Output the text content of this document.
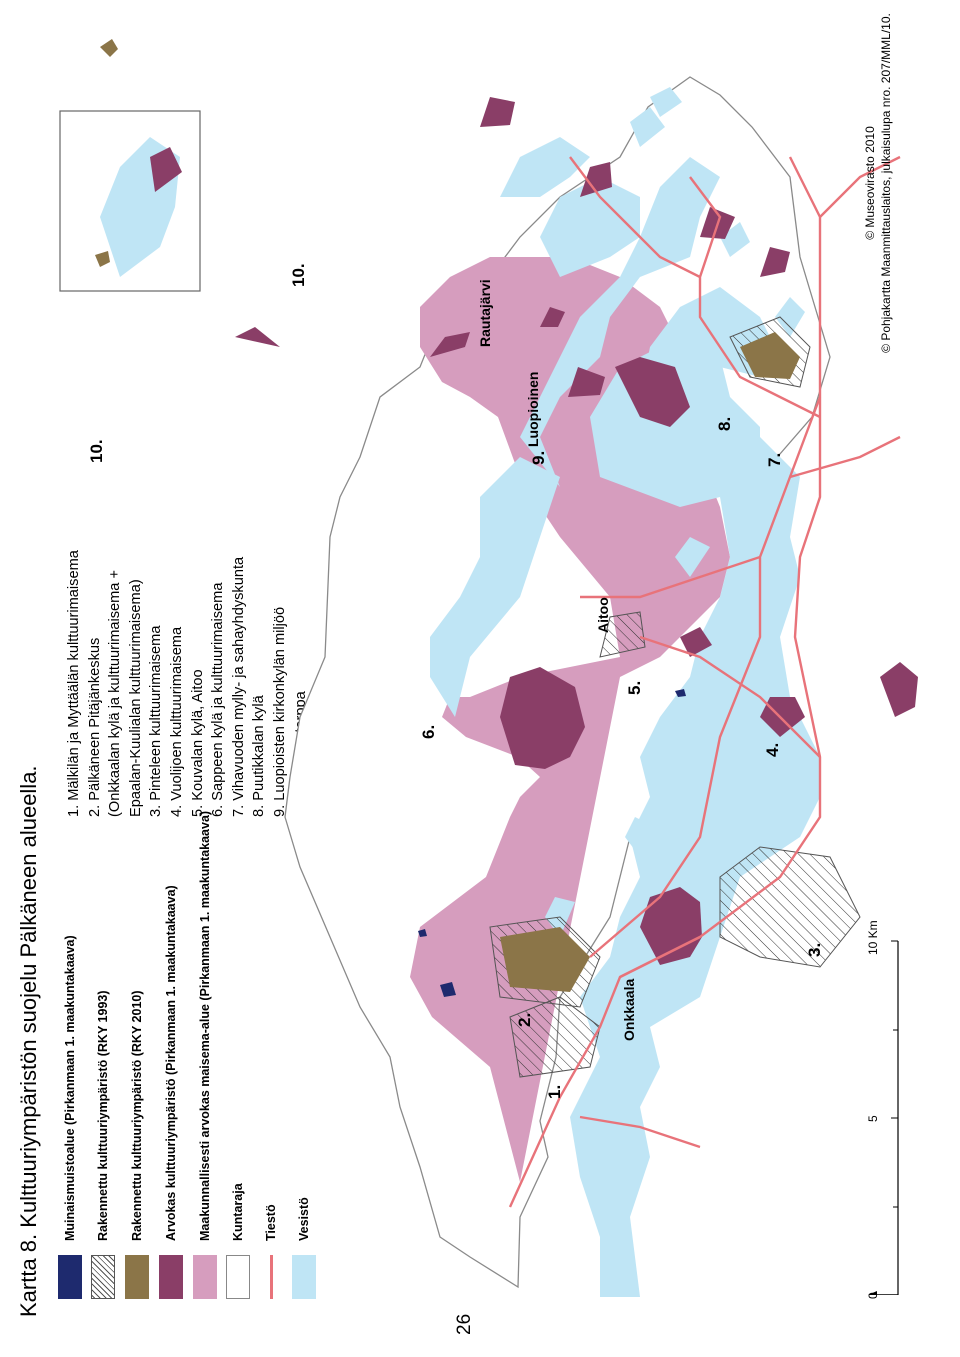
Kartta 8. Kulttuuriympäristön suojelu Pälkäneen alueella.
26
Muinaismuistoalue (Pirkanmaan 1. maakuntakaava) Rakennettu kulttuuriympäristö (RKY 1993) Rakennettu kulttuuriympäristö (RKY 2010) Arvokas kulttuuriympäristö (Pirkanmaan 1. maakuntakaava) Maakunnallisesti arvokas maisema-alue (Pirkanmaan 1. maakuntakaava) Kuntaraja Tiestö Vesistö
1. Mälkilän ja Myttäälän kulttuurimaisema 2. Pälkäneen Pitäjänkeskus (Onkkaalan kylä ja kulttuurimaisema + Epaalan-Kuulialan kulttuurimaisema) 3. Pinteleen kulttuurimaisema 4. Vuolijoen kulttuurimaisema 5. Kouvalan kylä, Aitoo 6. Sappeen kylä ja kulttuurimaisema 7. Vihavuoden mylly- ja sahayhdyskunta 8. Puutikkalan kylä 9. Luopioisten kirkonkylän miljöö
0
5
10 Km
1.
2.
3.
4.
5.
6.
7.
8.
9.
10.
10.
Onkkaala
Aitoo
Luopioinen
Rautajärvi
© Museovirasto 2010 © Pohjakartta Maanmittauslaitos, julkaisulupa nro. 207/MML/10.
